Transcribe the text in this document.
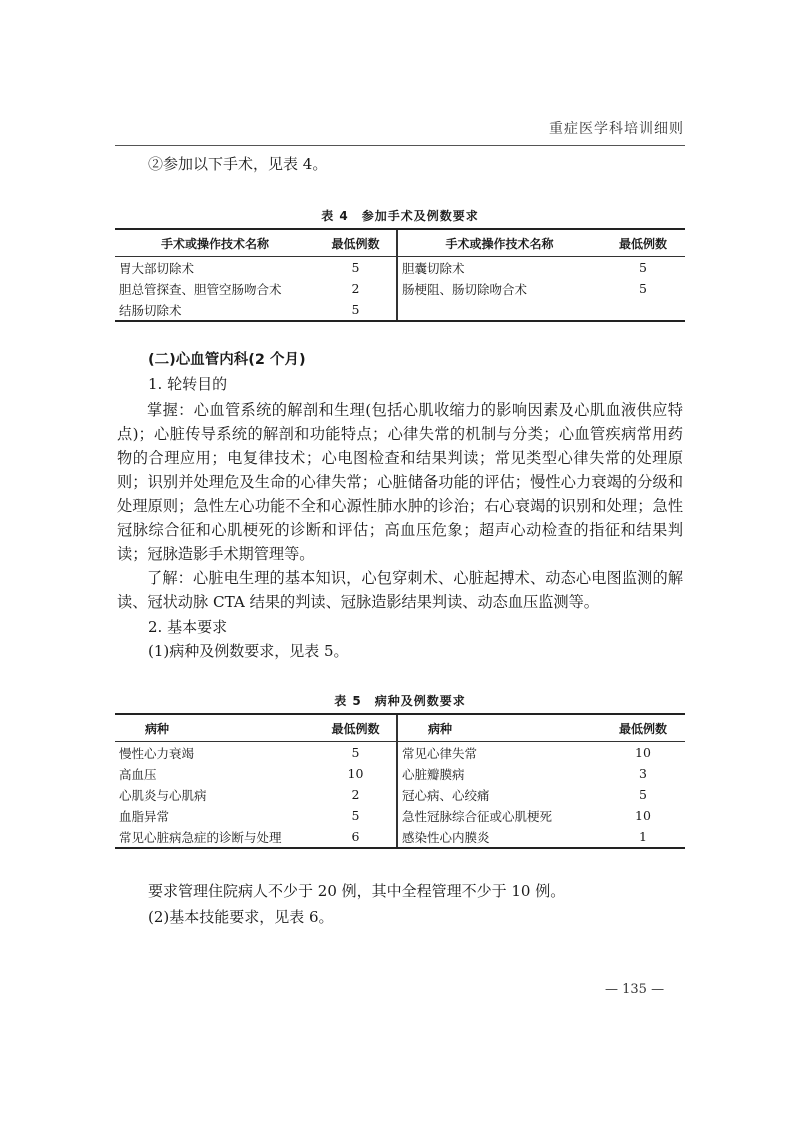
重症医学科培训细则
②参加以下手术，见表 4。
表 4　参加手术及例数要求
手术或操作技术名称	最低例数	手术或操作技术名称	最低例数
胃大部切除术	5	胆囊切除术	5
胆总管探查、胆管空肠吻合术	2	肠梗阻、肠切除吻合术	5
结肠切除术	5		
(二)心血管内科(2 个月)
1. 轮转目的

掌握：心血管系统的解剖和生理(包括心肌收缩力的影响因素及心肌血液供应特点)；心脏传导系统的解剖和功能特点；心律失常的机制与分类；心血管疾病常用药物的合理应用；电复律技术；心电图检查和结果判读；常见类型心律失常的处理原则；识别并处理危及生命的心律失常；心脏储备功能的评估；慢性心力衰竭的分级和处理原则；急性左心功能不全和心源性肺水肿的诊治；右心衰竭的识别和处理；急性冠脉综合征和心肌梗死的诊断和评估；高血压危象；超声心动检查的指征和结果判读；冠脉造影手术期管理等。

了解：心脏电生理的基本知识，心包穿刺术、心脏起搏术、动态心电图监测的解读、冠状动脉 CTA 结果的判读、冠脉造影结果判读、动态血压监测等。

2. 基本要求
(1)病种及例数要求，见表 5。
表 5　病种及例数要求
病种	最低例数	病种	最低例数
慢性心力衰竭	5	常见心律失常	10
高血压	10	心脏瓣膜病	3
心肌炎与心肌病	2	冠心病、心绞痛	5
血脂异常	5	急性冠脉综合征或心肌梗死	10
常见心脏病急症的诊断与处理	6	感染性心内膜炎	1
要求管理住院病人不少于 20 例，其中全程管理不少于 10 例。
(2)基本技能要求，见表 6。
— 135 —
